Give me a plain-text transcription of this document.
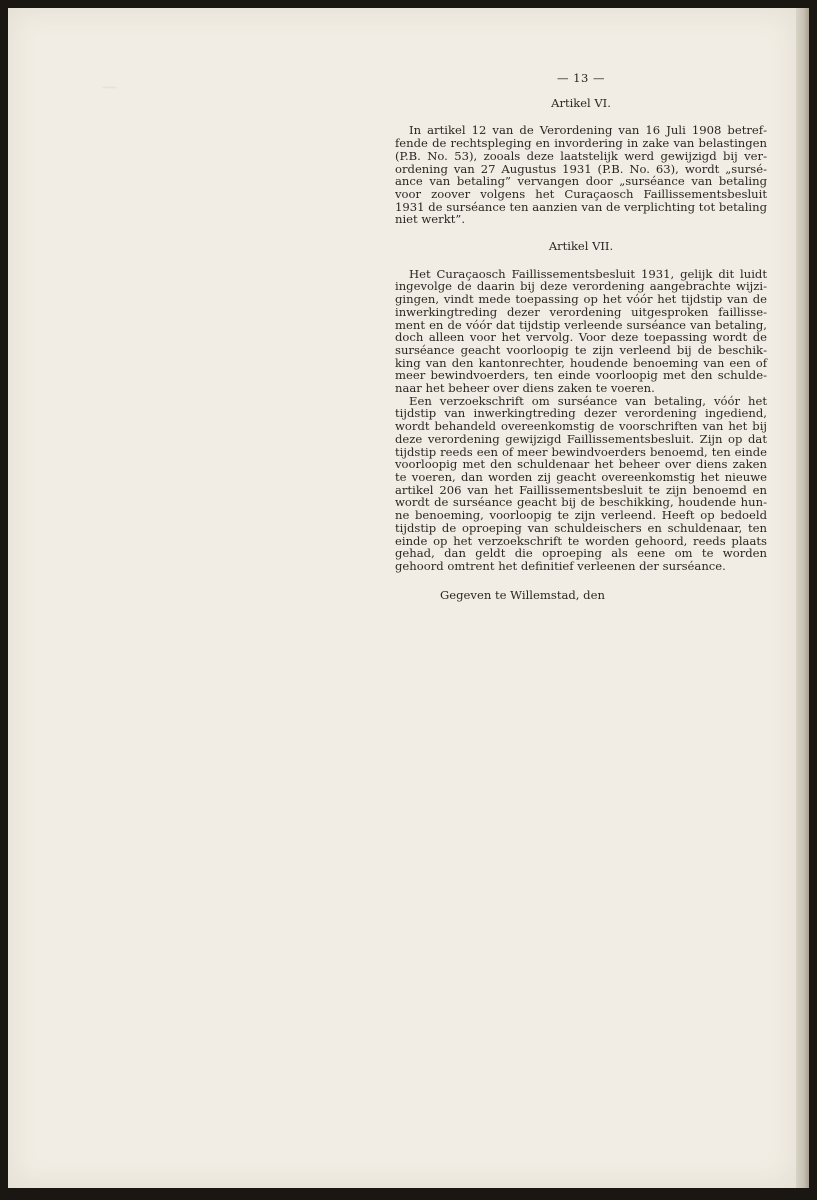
─	— 13 —

Artikel VI.

In artikel 12 van de Verordening van 16 Juli 1908 betreffende de rechtspleging en invordering in zake van belastingen (P.B. No. 53), zooals deze laatstelijk werd gewijzigd bij verordening van 27 Augustus 1931 (P.B. No. 63), wordt „surséance van betaling” vervangen door „surséance van betaling voor zoover volgens het Curaçaosch Faillissementsbesluit 1931 de surséance ten aanzien van de verplichting tot betaling niet werkt”.

Artikel VII.

Het Curaçaosch Faillissementsbesluit 1931, gelijk dit luidt ingevolge de daarin bij deze verordening aangebrachte wijzigingen, vindt mede toepassing op het vóór het tijdstip van de inwerkingtreding dezer verordening uitgesproken faillissement en de vóór dat tijdstip verleende surséance van betaling, doch alleen voor het vervolg. Voor deze toepassing wordt de surséance geacht voorloopig te zijn verleend bij de beschikking van den kantonrechter, houdende benoeming van een of meer bewindvoerders, ten einde voorloopig met den schuldenaar het beheer over diens zaken te voeren.

Een verzoekschrift om surséance van betaling, vóór het tijdstip van inwerkingtreding dezer verordening ingediend, wordt behandeld overeenkomstig de voorschriften van het bij deze verordening gewijzigd Faillissementsbesluit. Zijn op dat tijdstip reeds een of meer bewindvoerders benoemd, ten einde voorloopig met den schuldenaar het beheer over diens zaken te voeren, dan worden zij geacht overeenkomstig het nieuwe artikel 206 van het Faillissementsbesluit te zijn benoemd en wordt de surséance geacht bij de beschikking, houdende hunne benoeming, voorloopig te zijn verleend. Heeft op bedoeld tijdstip de oproeping van schuldeischers en schuldenaar, ten einde op het verzoekschrift te worden gehoord, reeds plaats gehad, dan geldt die oproeping als eene om te worden gehoord omtrent het definitief verleenen der surséance.

Gegeven te Willemstad, den
